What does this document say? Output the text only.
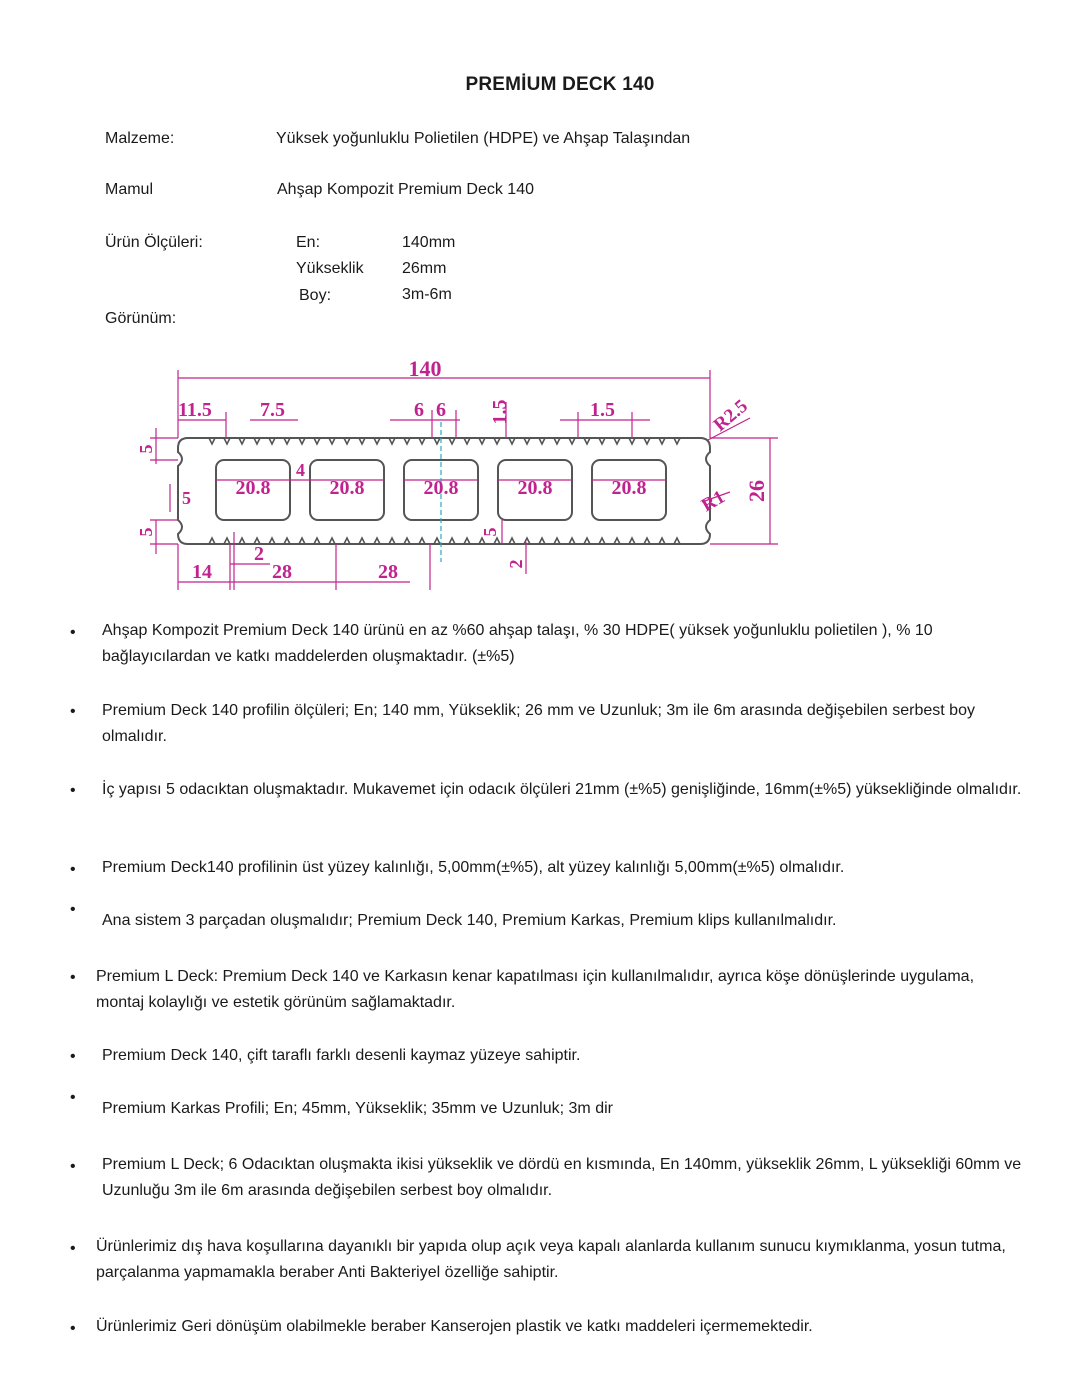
PREMİUM DECK 140
Malzeme:	Yüksek yoğunluklu Polietilen (HDPE) ve Ahşap Talaşından
Mamul	Ahşap Kompozit Premium Deck 140
Ürün Ölçüleri:	En:	140mm
Yükseklik 26mm
Boy:	3m-6m
Görünüm:
140
11.5 7.5	6 6 1.5	1.5	R2.5
R1 26
5
5
5
4
5
2	2
14	28	28
20.8	20.8	20.8	20.8	20.8
• Ahşap Kompozit Premium Deck 140 ürünü en az %60 ahşap talaşı, % 30 HDPE( yüksek yoğunluklu polietilen ), % 10 bağlayıcılardan ve katkı maddelerden oluşmaktadır. (±%5)
• Premium Deck 140 profilin ölçüleri; En; 140 mm, Yükseklik; 26 mm ve Uzunluk; 3m ile 6m arasında değişebilen serbest boy olmalıdır.
• İç yapısı 5 odacıktan oluşmaktadır. Mukavemet için odacık ölçüleri 21mm (±%5) genişliğinde, 16mm(±%5) yüksekliğinde olmalıdır.
• Premium Deck140 profilinin üst yüzey kalınlığı, 5,00mm(±%5), alt yüzey kalınlığı 5,00mm(±%5) olmalıdır.
•
Ana sistem 3 parçadan oluşmalıdır; Premium Deck 140, Premium Karkas, Premium klips kullanılmalıdır.
• Premium L Deck: Premium Deck 140 ve Karkasın kenar kapatılması için kullanılmalıdır, ayrıca köşe dönüşlerinde uygulama, montaj kolaylığı ve estetik görünüm sağlamaktadır.
• Premium Deck 140, çift taraflı farklı desenli kaymaz yüzeye sahiptir.
•
Premium Karkas Profili; En; 45mm, Yükseklik; 35mm ve Uzunluk; 3m dir
• Premium L Deck; 6 Odacıktan oluşmakta ikisi yükseklik ve dördü en kısmında, En 140mm, yükseklik 26mm, L yüksekliği 60mm ve Uzunluğu 3m ile 6m arasında değişebilen serbest boy olmalıdır.
• Ürünlerimiz dış hava koşullarına dayanıklı bir yapıda olup açık veya kapalı alanlarda kullanım sunucu kıymıklanma, yosun tutma, parçalanma yapmamakla beraber Anti Bakteriyel özelliğe sahiptir.
• Ürünlerimiz Geri dönüşüm olabilmekle beraber Kanserojen plastik ve katkı maddeleri içermemektedir.
